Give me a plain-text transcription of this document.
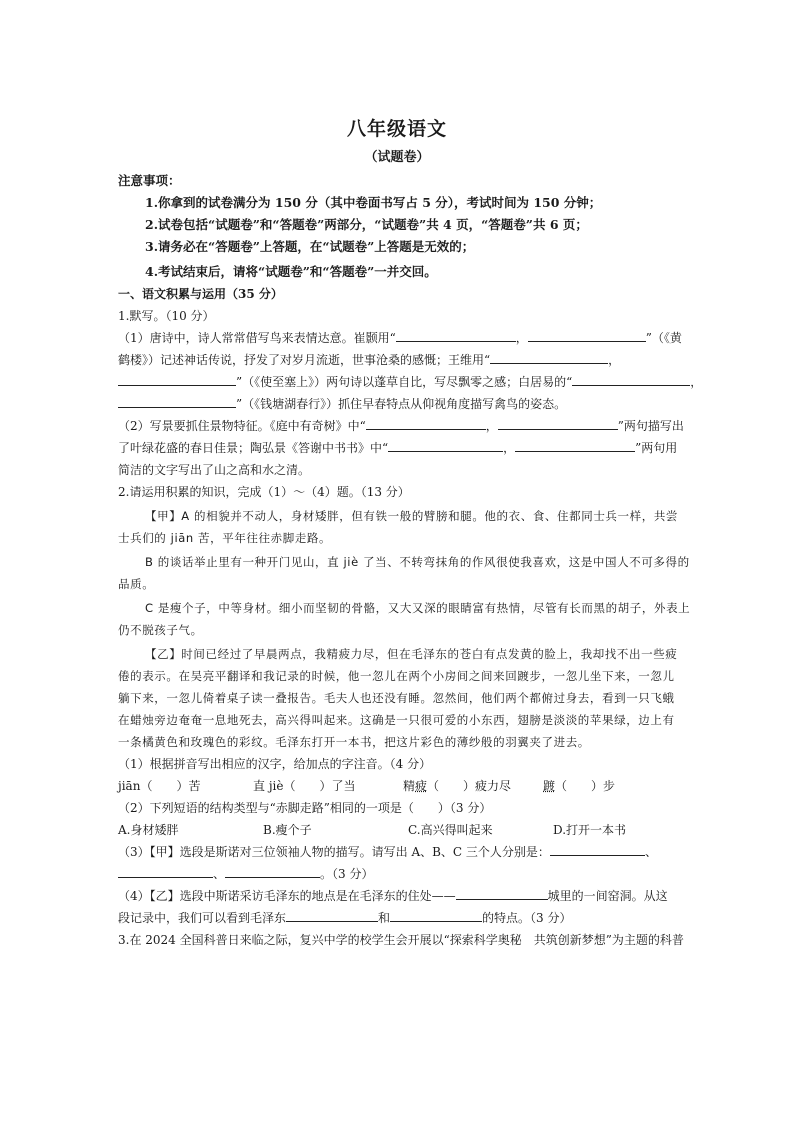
八年级语文
（试题卷）
注意事项：
1.你拿到的试卷满分为 150 分（其中卷面书写占 5 分），考试时间为 150 分钟；
2.试卷包括“试题卷”和“答题卷”两部分，“试题卷”共 4 页，“答题卷”共 6 页；
3.请务必在“答题卷”上答题，在“试题卷”上答题是无效的；
4.考试结束后，请将“试题卷”和“答题卷”一并交回。
一、语文积累与运用（35 分）
1.默写。（10 分）
（1）唐诗中，诗人常常借写鸟来表情达意。崔颢用“	，	”（《黄
鹤楼》）记述神话传说，抒发了对岁月流逝，世事沧桑的感慨；王维用“	，
”（《使至塞上》）两句诗以蓬草自比，写尽飘零之感；白居易的“	，
”（《钱塘湖春行》）抓住早春特点从仰视角度描写禽鸟的姿态。
（2）写景要抓住景物特征。《庭中有奇树》中“	，	”两句描写出
了叶绿花盛的春日佳景；陶弘景《答谢中书书》中“	，	”两句用
简洁的文字写出了山之高和水之清。
2.请运用积累的知识，完成（1）～（4）题。（13 分）
【甲】A 的相貌并不动人，身材矮胖，但有铁一般的臂膀和腿。他的衣、食、住都同士兵一样，共尝
士兵们的 jiān 苦，平年往往赤脚走路。
B 的谈话举止里有一种开门见山，直 jiè 了当、不转弯抹角的作风很使我喜欢，这是中国人不可多得的
品质。
C 是瘦个子，中等身材。细小而坚韧的骨骼，又大又深的眼睛富有热情，尽管有长而黑的胡子，外表上
仍不脱孩子气。
【乙】时间已经过了早晨两点，我精疲力尽，但在毛泽东的苍白有点发黄的脸上，我却找不出一些疲
倦的表示。在吴亮平翻译和我记录的时候，他一忽儿在两个小房间之间来回踱步，一忽儿坐下来，一忽儿
躺下来，一忽儿倚着桌子读一叠报告。毛夫人也还没有睡。忽然间，他们两个都俯过身去，看到一只飞蛾
在蜡烛旁边奄奄一息地死去，高兴得叫起来。这确是一只很可爱的小东西，翅膀是淡淡的苹果绿，边上有
一条橘黄色和玫瑰色的彩纹。毛泽东打开一本书，把这片彩色的薄纱般的羽翼夹了进去。
（1）根据拼音写出相应的汉字，给加点的字注音。（4 分）
jiān（   ）苦	直 jiè（   ）了当	精疲（   ）疲力尽	踱（   ）步
（2）下列短语的结构类型与“赤脚走路”相同的一项是（　　）（3 分）
A.身材矮胖	B.瘦个子	C.高兴得叫起来	D.打开一本书
（3）【甲】选段是斯诺对三位领袖人物的描写。请写出 A、B、C 三个人分别是：	、
、	。（3 分）
（4）【乙】选段中斯诺采访毛泽东的地点是在毛泽东的住处——	城里的一间窑洞。从这
段记录中，我们可以看到毛泽东	和	的特点。（3 分）
3.在 2024 全国科普日来临之际，复兴中学的校学生会开展以“探索科学奥秘　共筑创新梦想”为主题的科普
